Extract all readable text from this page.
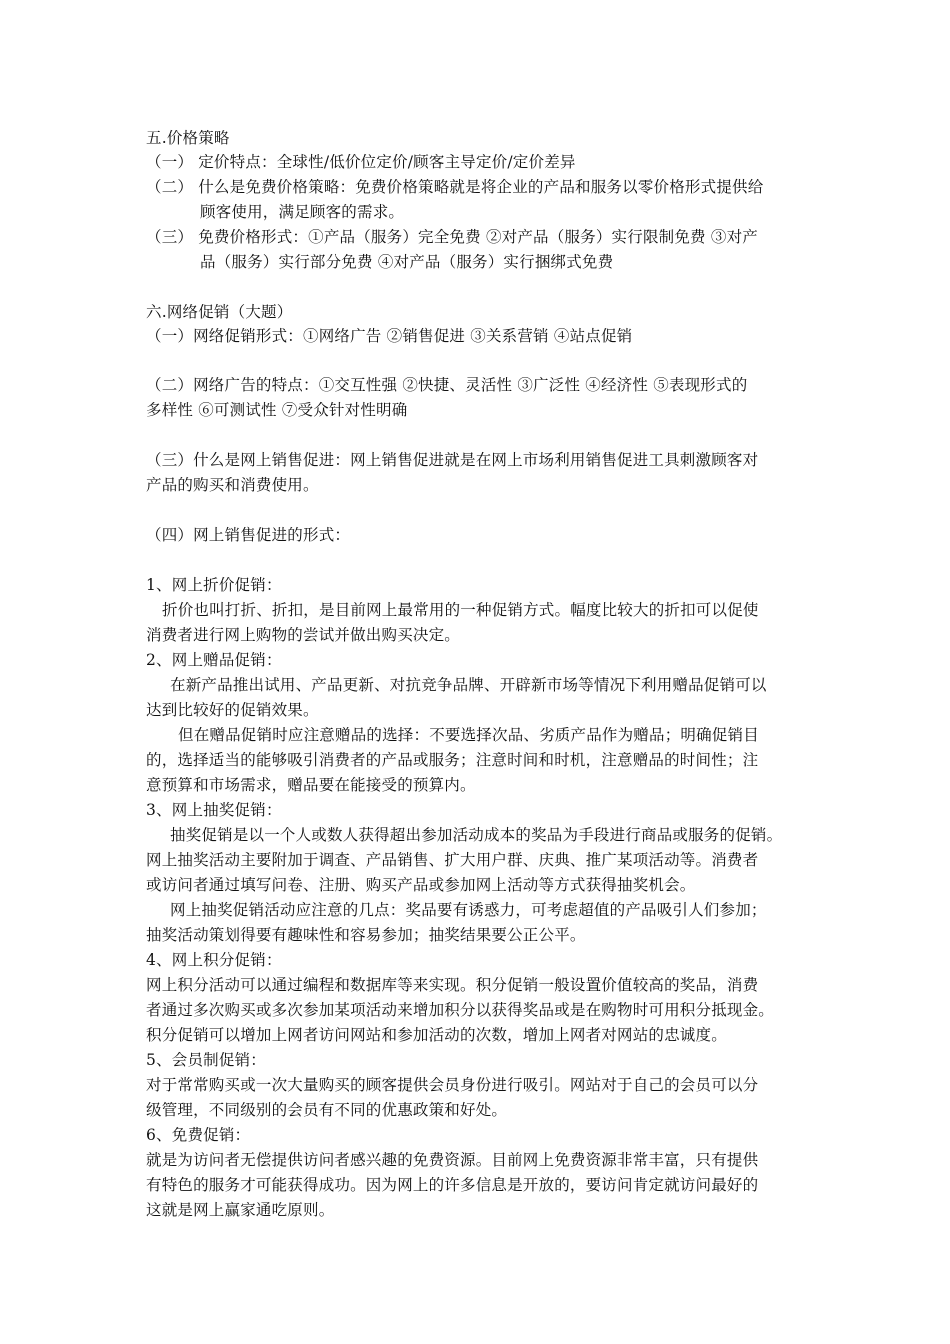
五.价格策略
（一） 定价特点：全球性/低价位定价/顾客主导定价/定价差异
（二） 什么是免费价格策略：免费价格策略就是将企业的产品和服务以零价格形式提供给
顾客使用，满足顾客的需求。
（三） 免费价格形式：①产品（服务）完全免费 ②对产品（服务）实行限制免费 ③对产
品（服务）实行部分免费 ④对产品（服务）实行捆绑式免费
六.网络促销（大题）
（一）网络促销形式：①网络广告 ②销售促进 ③关系营销 ④站点促销
（二）网络广告的特点：①交互性强 ②快捷、灵活性 ③广泛性 ④经济性 ⑤表现形式的
多样性 ⑥可测试性 ⑦受众针对性明确
（三）什么是网上销售促进：网上销售促进就是在网上市场利用销售促进工具刺激顾客对
产品的购买和消费使用。
（四）网上销售促进的形式：
1、网上折价促销：
折价也叫打折、折扣，是目前网上最常用的一种促销方式。幅度比较大的折扣可以促使
消费者进行网上购物的尝试并做出购买决定。
2、网上赠品促销：
在新产品推出试用、产品更新、对抗竞争品牌、开辟新市场等情况下利用赠品促销可以
达到比较好的促销效果。
但在赠品促销时应注意赠品的选择：不要选择次品、劣质产品作为赠品；明确促销目
的，选择适当的能够吸引消费者的产品或服务；注意时间和时机，注意赠品的时间性；注
意预算和市场需求，赠品要在能接受的预算内。
3、网上抽奖促销：
抽奖促销是以一个人或数人获得超出参加活动成本的奖品为手段进行商品或服务的促销。
网上抽奖活动主要附加于调查、产品销售、扩大用户群、庆典、推广某项活动等。消费者
或访问者通过填写问卷、注册、购买产品或参加网上活动等方式获得抽奖机会。
网上抽奖促销活动应注意的几点：奖品要有诱惑力，可考虑超值的产品吸引人们参加；
抽奖活动策划得要有趣味性和容易参加；抽奖结果要公正公平。
4、网上积分促销：
网上积分活动可以通过编程和数据库等来实现。积分促销一般设置价值较高的奖品，消费
者通过多次购买或多次参加某项活动来增加积分以获得奖品或是在购物时可用积分抵现金。
积分促销可以增加上网者访问网站和参加活动的次数，增加上网者对网站的忠诚度。
5、会员制促销：
对于常常购买或一次大量购买的顾客提供会员身份进行吸引。网站对于自己的会员可以分
级管理，不同级别的会员有不同的优惠政策和好处。
6、免费促销：
就是为访问者无偿提供访问者感兴趣的免费资源。目前网上免费资源非常丰富，只有提供
有特色的服务才可能获得成功。因为网上的许多信息是开放的，要访问肯定就访问最好的
这就是网上赢家通吃原则。
